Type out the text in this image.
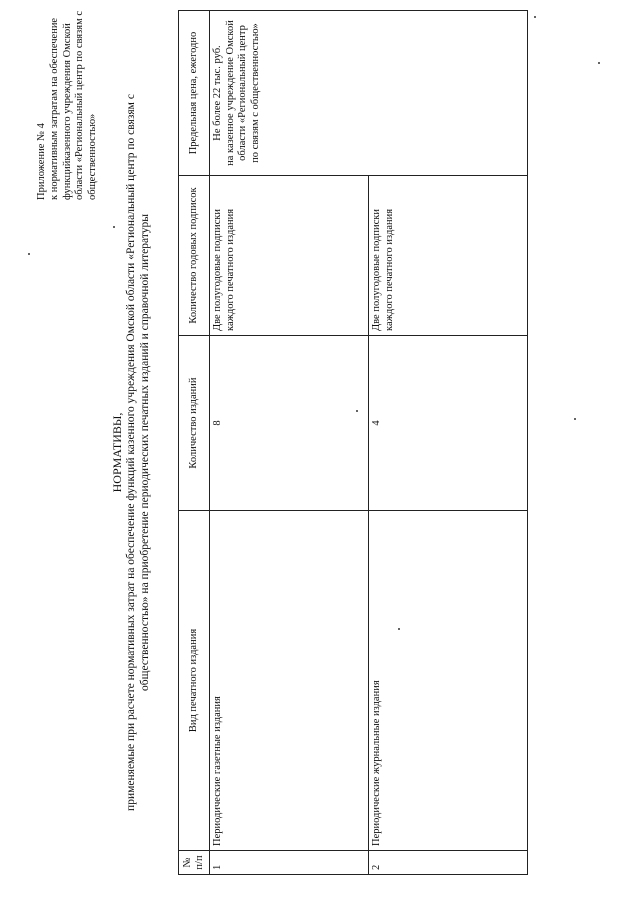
Приложение № 4 к нормативным затратам на обеспечение функцийказенного учреждения Омской области «Региональный центр по связям с общественностью»
НОРМАТИВЫ, применяемые при расчете нормативных затрат на обеспечение функций казенного учреждения Омской области «Региональный центр по связям с общественностью» на приобретение периодических печатных изданий и справочной литературы
№ п/п	Вид печатного издания	Количество изданий	Количество годовых подписок	Предельная цена, ежегодно
1	Периодические газетные издания	8	Две полугодовые подписки каждого печатного издания	Не более 22 тыс. руб. на казенное учреждение Омской области «Региональный центр по связям с общественностью»

2	Периодические журнальные издания	4	Две полугодовые подписки каждого печатного издания	
